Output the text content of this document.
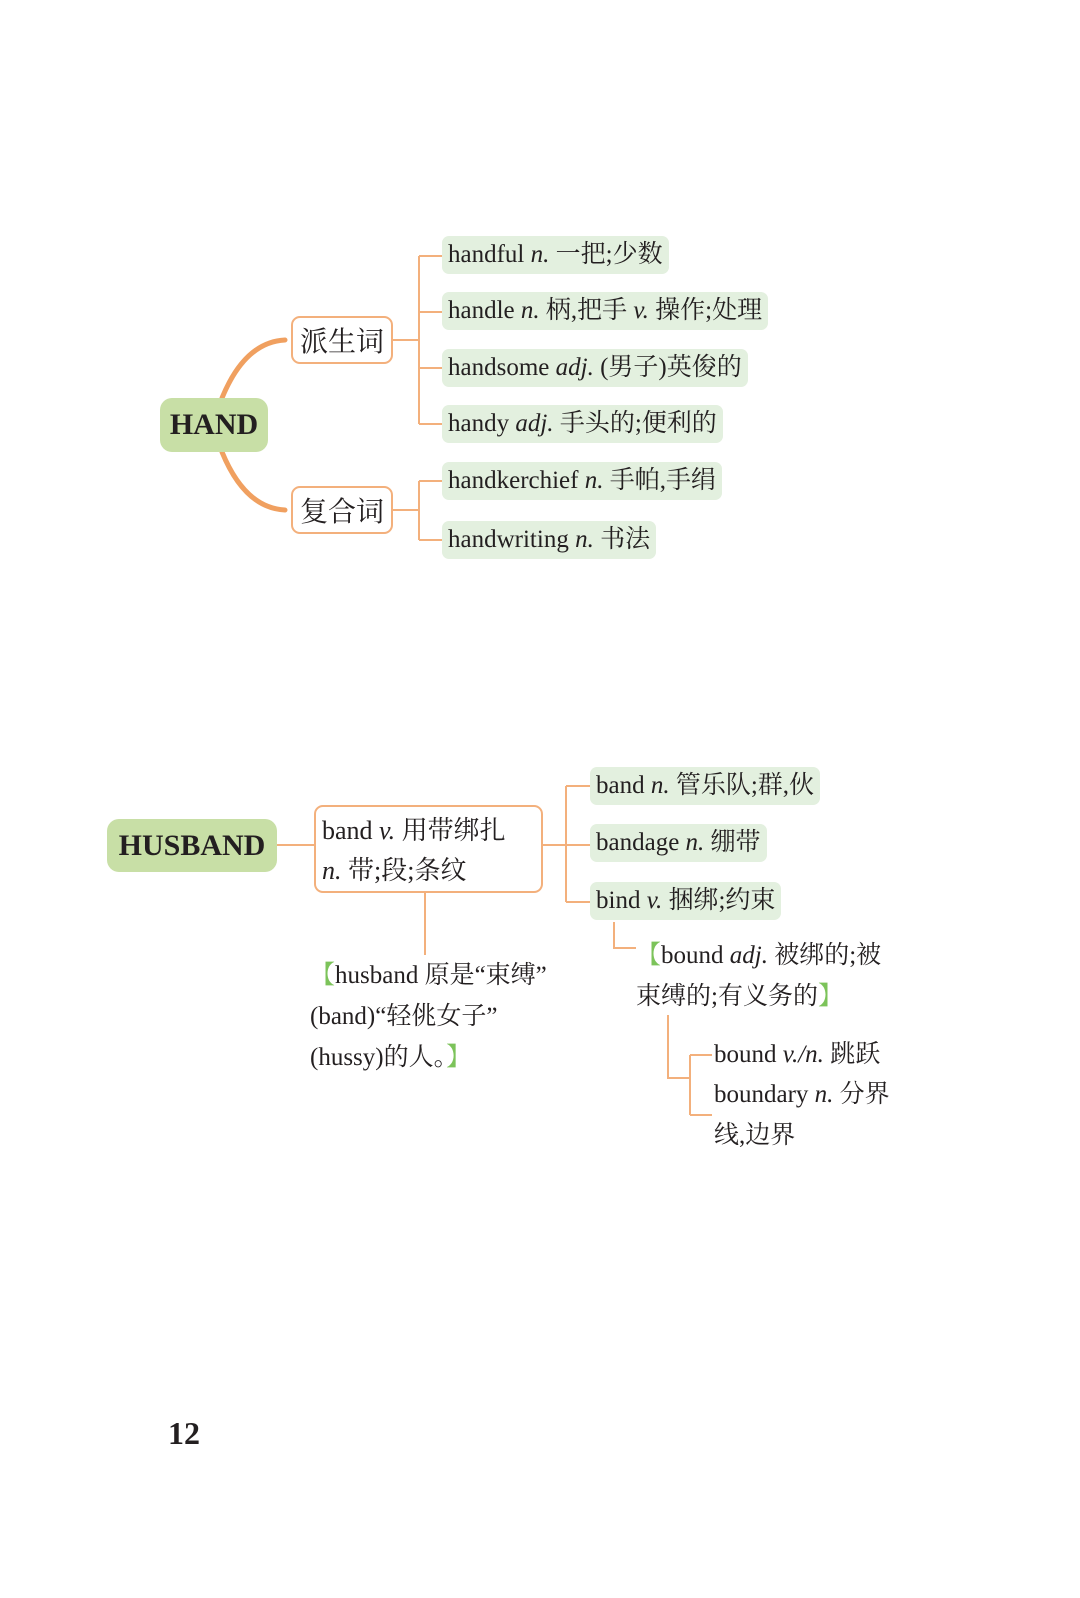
HAND
派生词
复合词
handful n. 一把;少数
handle n. 柄,把手 v. 操作;处理
handsome adj. (男子)英俊的
handy adj. 手头的;便利的
handkerchief n. 手帕,手绢
handwriting n. 书法
HUSBAND	band v. 用带绑扎
n. 带;段;条纹
band n. 管乐队;群,伙
bandage n. 绷带
bind v. 捆绑;约束
【husband 原是“束缚”
(band)“轻佻女子”
(hussy)的人。】
【bound adj. 被绑的;被
束缚的;有义务的】
bound v./n. 跳跃
boundary n. 分界
线,边界
12
